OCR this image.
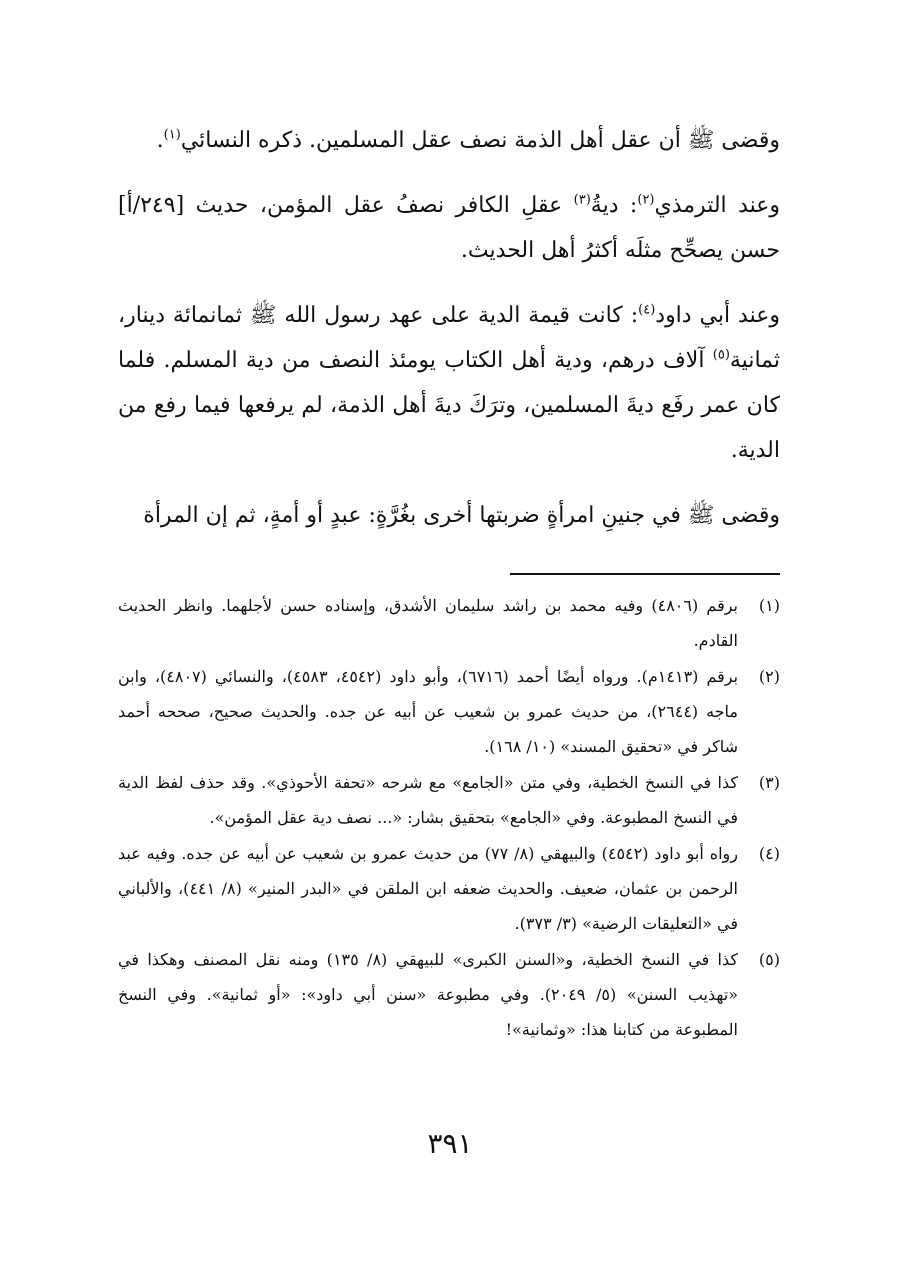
وقضى ﷺ أن عقل أهل الذمة نصف عقل المسلمين. ذكره النسائي$^{(١)}$.

وعند الترمذي$^{(٢)}$: ديةُ$^{(٣)}$ عقلِ الكافر نصفُ عقل المؤمن، حديث [٢٤٩/أ] حسن يصحِّح مثلَه أكثرُ أهل الحديث.

وعند أبي داود$^{(٤)}$: كانت قيمة الدية على عهد رسول الله ﷺ ثمانمائة دينار، ثمانية$^{(٥)}$ آلاف درهم، ودية أهل الكتاب يومئذ النصف من دية المسلم. فلما كان عمر رفَع ديةَ المسلمين، وترَكَ ديةَ أهل الذمة، لم يرفعها فيما رفع من الدية.

وقضى ﷺ في جنينِ امرأةٍ ضربتها أخرى بغُرَّةٍ: عبدٍ أو أمةٍ، ثم إن المرأة

(١)
برقم (٤٨٠٦) وفيه محمد بن راشد سليمان الأشدق، وإسناده حسن لأجلهما. وانظر الحديث القادم.
(٢)
برقم (١٤١٣م). ورواه أيضًا أحمد (٦٧١٦)، وأبو داود (٤٥٤٢، ٤٥٨٣)، والنسائي (٤٨٠٧)، وابن ماجه (٢٦٤٤)، من حديث عمرو بن شعيب عن أبيه عن جده. والحديث صحيح، صححه أحمد شاكر في «تحقيق المسند» (١٠/ ١٦٨).
(٣)
كذا في النسخ الخطية، وفي متن «الجامع» مع شرحه «تحفة الأحوذي». وقد حذف لفظ الدية في النسخ المطبوعة. وفي «الجامع» بتحقيق بشار: «... نصف دية عقل المؤمن».
(٤)
رواه أبو داود (٤٥٤٢) والبيهقي (٨/ ٧٧) من حديث عمرو بن شعيب عن أبيه عن جده. وفيه عبد الرحمن بن عثمان، ضعيف. والحديث ضعفه ابن الملقن في «البدر المنير» (٨/ ٤٤١)، والألباني في «التعليقات الرضية» (٣/ ٣٧٣).
(٥)
كذا في النسخ الخطية، و«السنن الكبرى» للبيهقي (٨/ ١٣٥) ومنه نقل المصنف وهكذا في «تهذيب السنن» (٥/ ٢٠٤٩). وفي مطبوعة «سنن أبي داود»: «أو ثمانية». وفي النسخ المطبوعة من كتابنا هذا: «وثمانية»!
٣٩١
